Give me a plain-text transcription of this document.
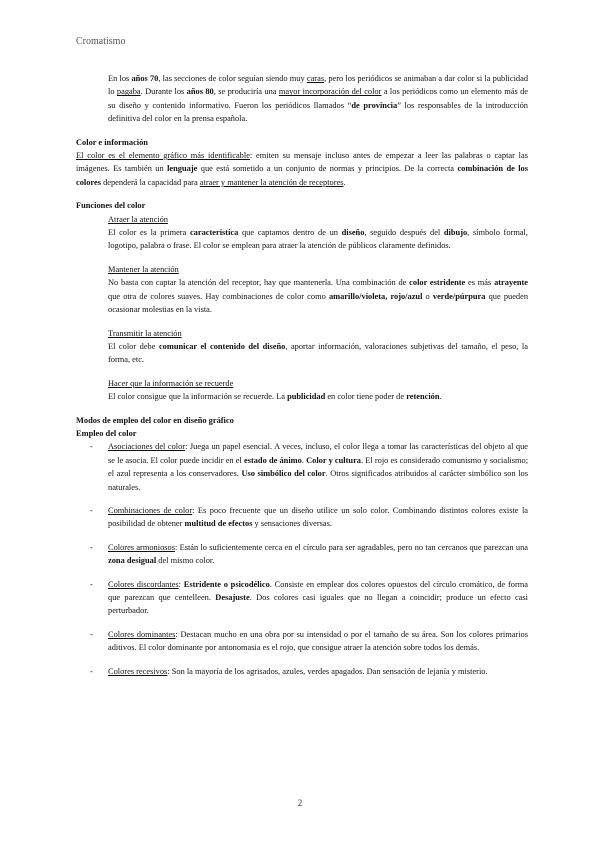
Cromatismo

En los años 70, las secciones de color seguían siendo muy caras, pero los periódicos se animaban a dar color si la publicidad lo pagaba. Durante los años 80, se produciría una mayor incorporación del color a los periódicos como un elemento más de su diseño y contenido informativo. Fueron los periódicos llamados “de provincia” los responsables de la introducción definitiva del color en la prensa española.

Color e información

El color es el elemento gráfico más identificable: emiten su mensaje incluso antes de empezar a leer las palabras o captar las imágenes. Es también un lenguaje que está sometido a un conjunto de normas y principios. De la correcta combinación de los colores dependerá la capacidad para atraer y mantener la atención de receptores.

Funciones del color

Atraer la atención

El color es la primera característica que captamos dentro de un diseño, seguido después del dibujo, símbolo formal, logotipo, palabra o frase. El color se emplean para atraer la atención de públicos claramente definidos.

Mantener la atención

No basta con captar la atención del receptor, hay que mantenerla. Una combinación de color estridente es más atrayente que otra de colores suaves. Hay combinaciones de color como amarillo/violeta, rojo/azul o verde/púrpura que pueden ocasionar molestias en la vista.

Transmitir la atención

El color debe comunicar el contenido del diseño, aportar información, valoraciones subjetivas del tamaño, el peso, la forma, etc.

Hacer que la información se recuerde

El color consigue que la información se recuerde. La publicidad en color tiene poder de retención.

Modos de empleo del color en diseño gráfico

Empleo del color

- Asociaciones del color: Juega un papel esencial. A veces, incluso, el color llega a tomar las características del objeto al que se le asocia. El color puede incidir en el estado de ánimo. Color y cultura. El rojo es considerado comunismo y socialismo; el azul representa a los conservadores. Uso simbólico del color. Otros significados atribuidos al carácter simbólico son los naturales.
- Combinaciones de color: Es poco frecuente que un diseño utilice un solo color. Combinando distintos colores existe la posibilidad de obtener multitud de efectos y sensaciones diversas.
- Colores armoniosos: Están lo suficientemente cerca en el círculo para ser agradables, pero no tan cercanos que parezcan una zona desigual del mismo color.
- Colores discordantes: Estridente o psicodélico. Consiste en emplear dos colores opuestos del círculo cromático, de forma que parezcan que centelleen. Desajuste. Dos colores casi iguales que no llegan a coincidir; produce un efecto casi perturbador.
- Colores dominantes: Destacan mucho en una obra por su intensidad o por el tamaño de su área. Son los colores primarios aditivos. El color dominante por antonomasia es el rojo, que consigue atraer la atención sobre todos los demás.
- Colores recesivos: Son la mayoría de los agrisados, azules, verdes apagados. Dan sensación de lejanía y misterio.
2
